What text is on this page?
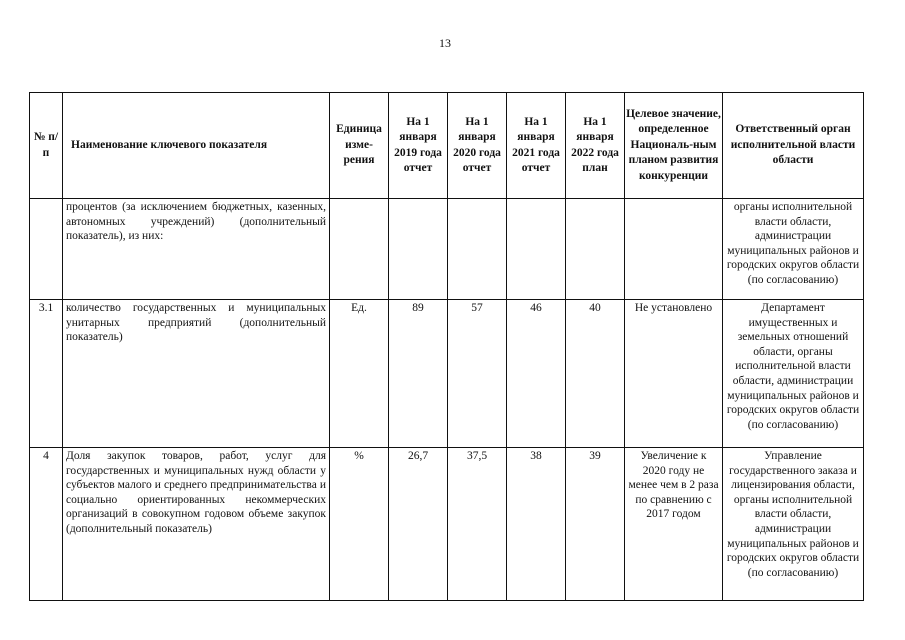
13
№ п/п	Наименование ключевого показателя	Единица изме-рения	На 1 января 2019 года отчет	На 1 января 2020 года отчет	На 1 января 2021 года отчет	На 1 января 2022 года план	Целевое значение, определенное Националь-ным планом развития конкуренции	Ответственный орган исполнительной власти области
	процентов (за исключением бюджетных, казенных, автономных учреждений) (дополнительный показатель), из них:							органы исполнительной власти области, администрации муниципальных районов и городских округов области (по согласованию)
3.1	количество государственных и муниципальных унитарных предприятий (дополнительный показатель)	Ед.	89	57	46	40	Не установлено	Департамент имущественных и земельных отношений области, органы исполнительной власти области, администрации муниципальных районов и городских округов области (по согласованию)
4	Доля закупок товаров, работ, услуг для государственных и муниципальных нужд области у субъектов малого и среднего предпринимательства и социально ориентированных некоммерческих организаций в совокупном годовом объеме закупок (дополнительный показатель)	%	26,7	37,5	38	39	Увеличение к 2020 году не менее чем в 2 раза по сравнению с 2017 годом	Управление государственного заказа и лицензирования области, органы исполнительной власти области, администрации муниципальных районов и городских округов области (по согласованию)
